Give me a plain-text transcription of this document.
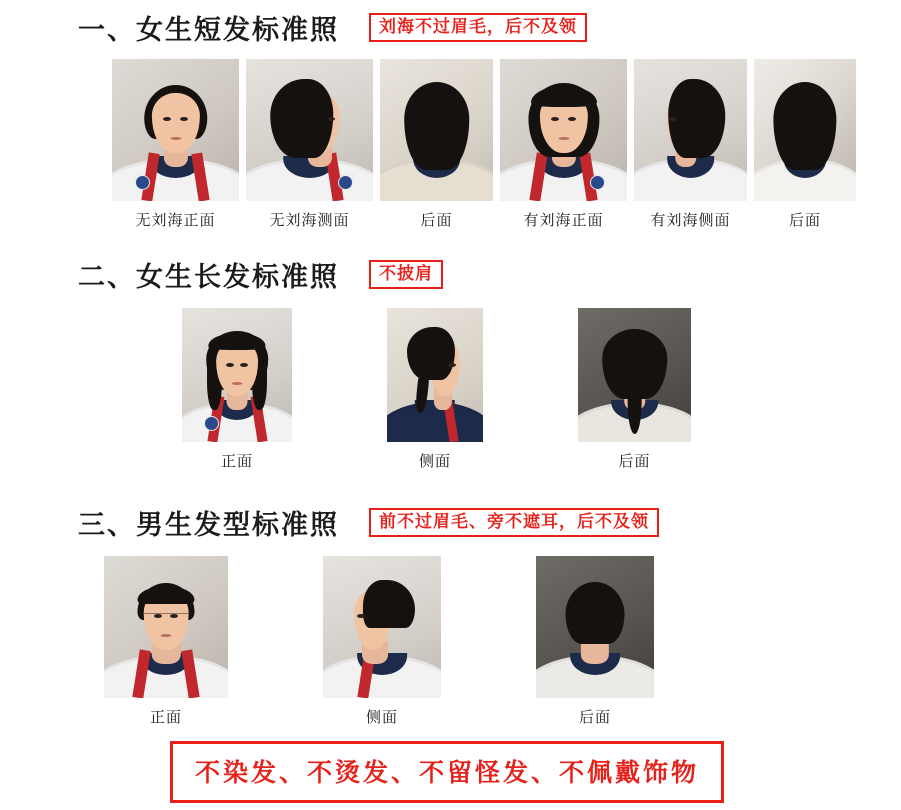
一、女生短发标准照	刘海不过眉毛，后不及领
无刘海正面	无刘海测面	后面	有刘海正面	有刘海侧面	后面
二、女生长发标准照	不披肩
正面	侧面	后面
三、男生发型标准照	前不过眉毛、旁不遮耳，后不及领
正面	侧面	后面
不染发、不烫发、不留怪发、不佩戴饰物
